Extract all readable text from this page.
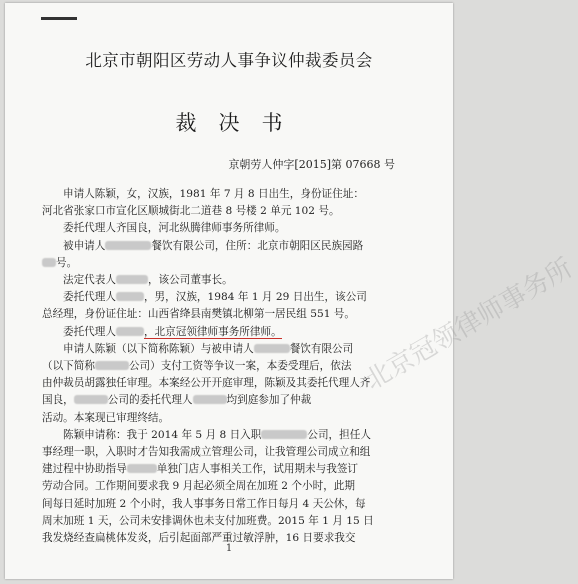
北京市朝阳区劳动人事争议仲裁委员会
裁决书
京朝劳人仲字[2015]第 07668 号

申请人陈颖，女，汉族，1981 年 7 月 8 日出生，身份证住址：

河北省张家口市宣化区顺城街北二道巷 8 号楼 2 单元 102 号。

委托代理人齐国良，河北纵腾律师事务所律师。

被申请人	餐饮有限公司，住所：北京市朝阳区民族园路

号。

法定代表人	，该公司董事长。

委托代理人	，男，汉族，1984 年 1 月 29 日出生，该公司

总经理，身份证住址：山西省绛县南樊镇北柳第一居民组 551 号。

委托代理人	，北京冠领律师事务所律师。

申请人陈颖（以下简称陈颖）与被申请人	餐饮有限公司

（以下简称	公司）支付工资等争议一案，本委受理后，依法

由仲裁员胡露独任审理。本案经公开开庭审理，陈颖及其委托代理人齐

国良，	公司的委托代理人	均到庭参加了仲裁

活动。本案现已审理终结。

陈颖申请称：我于 2014 年 5 月 8 日入职	公司，担任人

事经理一职，入职时才告知我需成立管理公司，让我管理公司成立和组

建过程中协助指导	单独门店人事相关工作，试用期未与我签订

劳动合同。工作期间要求我 9 月起必须全周在加班 2 个小时，此期

间每日延时加班 2 个小时，我人事事务日常工作日每月 4 天公休，每

周末加班 1 天，公司未安排调休也未支付加班费。2015 年 1 月 15 日

我发烧经查扁桃体发炎，后引起面部严重过敏浮肿，16 日要求我交

1
北京冠领律师事务所
